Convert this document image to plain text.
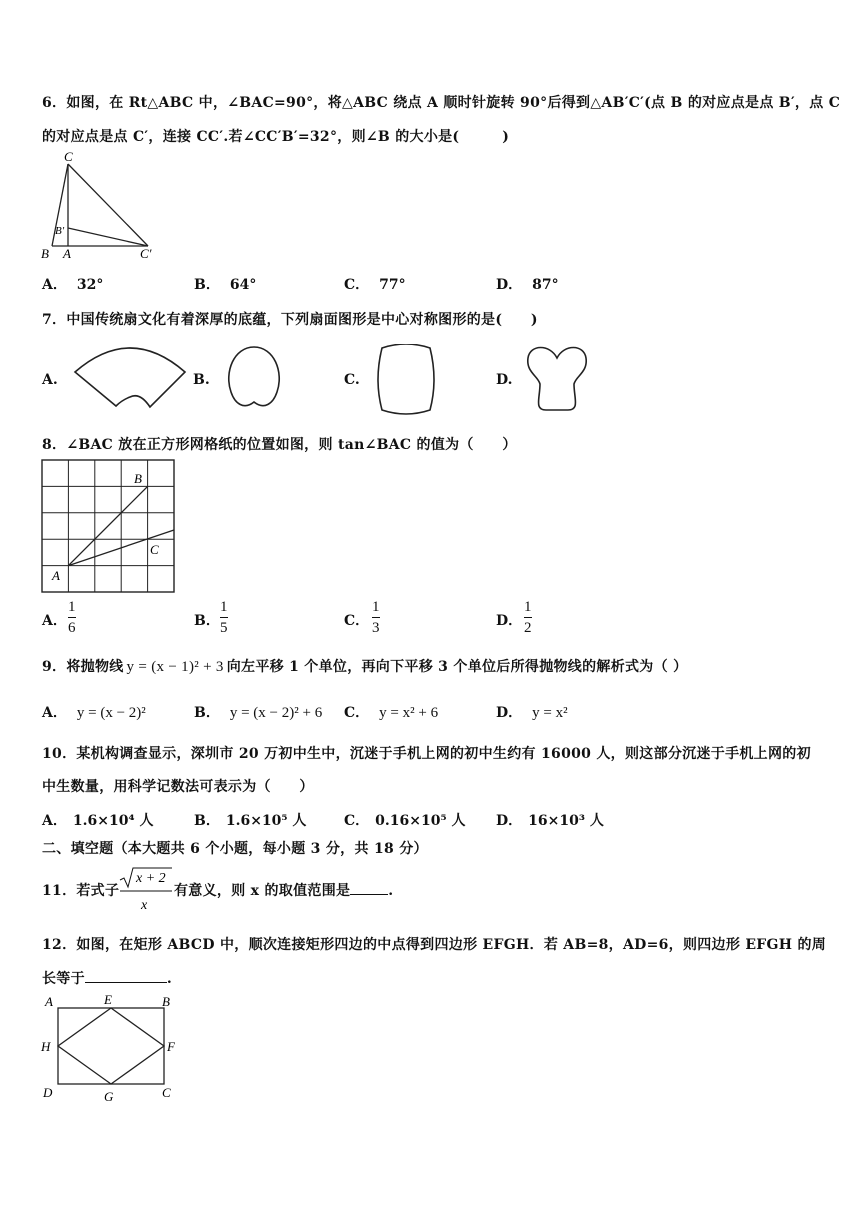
6．如图，在 Rt△ABC 中，∠BAC=90°，将△ABC 绕点 A 顺时针旋转 90°后得到△AB′C′(点 B 的对应点是点 B′，点 C
的对应点是点 C′，连接 CC′.若∠CC′B′=32°，则∠B 的大小是(　　　)
C
B′
B A	C′
A． 32°	B． 64°	C． 77°	D． 87°
7．中国传统扇文化有着深厚的底蕴，下列扇面图形是中心对称图形的是(　　)
A.	B.	C.	D.
8．∠BAC 放在正方形网格纸的位置如图，则 tan∠BAC 的值为（　　）
B
C
A
A．
1
6	B．
1
5	C．
1
3	D．
1
2
9．将抛物线 y = (x − 1)² + 3 向左平移 1 个单位，再向下平移 3 个单位后所得抛物线的解析式为（ ）
A． y = (x − 2)²	B． y = (x − 2)² + 6 C． y = x² + 6	D． y = x²
10．某机构调查显示，深圳市 20 万初中生中，沉迷于手机上网的初中生约有 16000 人，则这部分沉迷于手机上网的初
中生数量，用科学记数法可表示为（　　）
A． 1.6×10⁴ 人	B． 1.6×10⁵ 人	C． 0.16×10⁵ 人 D． 16×10³ 人
二、填空题（本大题共 6 个小题，每小题 3 分，共 18 分）
11．若式子
x + 2
x
有意义，则 x 的取值范围是	.
12．如图，在矩形 ABCD 中，顺次连接矩形四边的中点得到四边形 EFGH．若 AB=8，AD=6，则四边形 EFGH 的周
长等于	.
A	E	B
H	F
D	G	C
